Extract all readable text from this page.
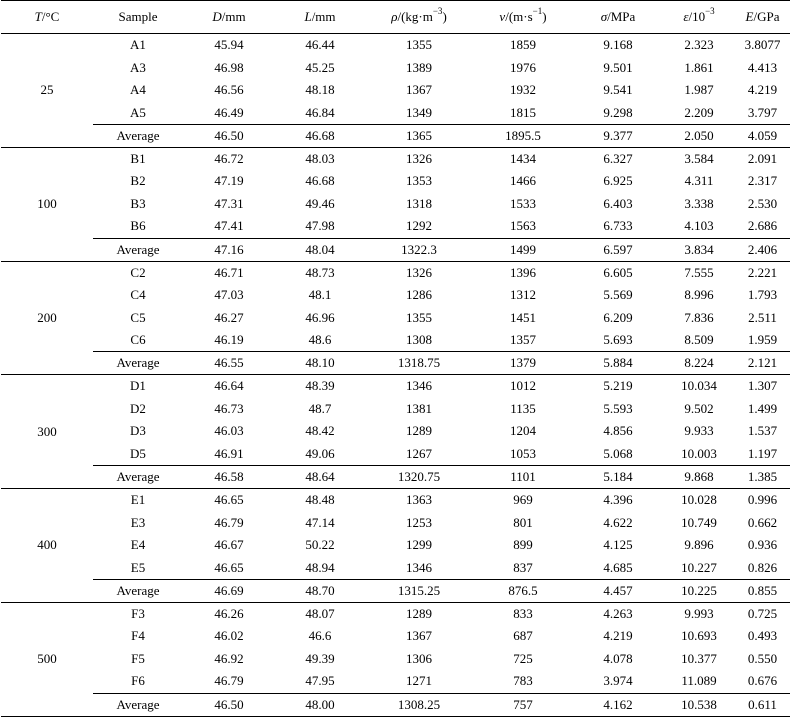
T/°C	Sample	D/mm	L/mm	$\rho/(kg\cdot m^{-3})$	$v/(m\cdot s^{-1})$	σ/MPa	$\varepsilon/10^{-3}$	E/GPa
25	A1	45.94	46.44	1355	1859	9.168	2.323	3.8077
	A3	46.98	45.25	1389	1976	9.501	1.861	4.413
	A4	46.56	48.18	1367	1932	9.541	1.987	4.219
	A5	46.49	46.84	1349	1815	9.298	2.209	3.797
	Average	46.50	46.68	1365	1895.5	9.377	2.050	4.059
100	B1	46.72	48.03	1326	1434	6.327	3.584	2.091
	B2	47.19	46.68	1353	1466	6.925	4.311	2.317
	B3	47.31	49.46	1318	1533	6.403	3.338	2.530
	B6	47.41	47.98	1292	1563	6.733	4.103	2.686
	Average	47.16	48.04	1322.3	1499	6.597	3.834	2.406
200	C2	46.71	48.73	1326	1396	6.605	7.555	2.221
	C4	47.03	48.1	1286	1312	5.569	8.996	1.793
	C5	46.27	46.96	1355	1451	6.209	7.836	2.511
	C6	46.19	48.6	1308	1357	5.693	8.509	1.959
	Average	46.55	48.10	1318.75	1379	5.884	8.224	2.121
300	D1	46.64	48.39	1346	1012	5.219	10.034	1.307
	D2	46.73	48.7	1381	1135	5.593	9.502	1.499
	D3	46.03	48.42	1289	1204	4.856	9.933	1.537
	D5	46.91	49.06	1267	1053	5.068	10.003	1.197
	Average	46.58	48.64	1320.75	1101	5.184	9.868	1.385
400	E1	46.65	48.48	1363	969	4.396	10.028	0.996
	E3	46.79	47.14	1253	801	4.622	10.749	0.662
	E4	46.67	50.22	1299	899	4.125	9.896	0.936
	E5	46.65	48.94	1346	837	4.685	10.227	0.826
	Average	46.69	48.70	1315.25	876.5	4.457	10.225	0.855
500	F3	46.26	48.07	1289	833	4.263	9.993	0.725
	F4	46.02	46.6	1367	687	4.219	10.693	0.493
	F5	46.92	49.39	1306	725	4.078	10.377	0.550
	F6	46.79	47.95	1271	783	3.974	11.089	0.676
	Average	46.50	48.00	1308.25	757	4.162	10.538	0.611
